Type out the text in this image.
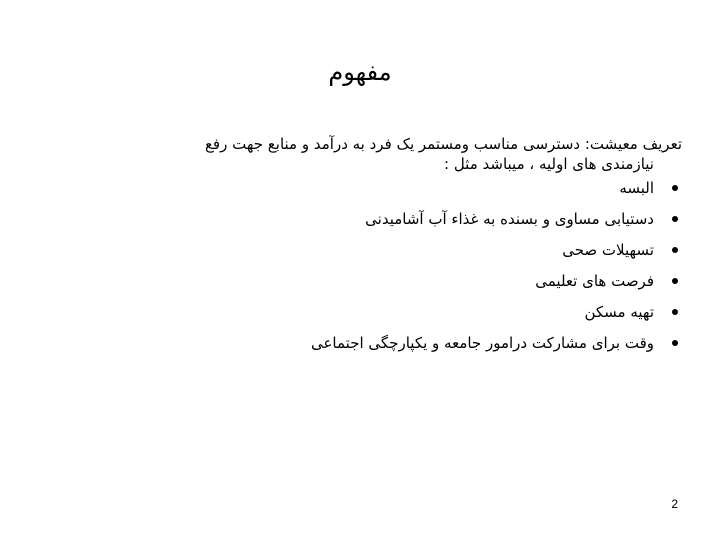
مفهوم

تعریف معیشت: دسترسی مناسب ومستمر یک فرد به درآمد و منابع جهت رفع
نیازمندی های اولیه ، میباشد مثل :

البسه
دستیابی مساوی و بسنده به غذاء آب آشامیدنی
تسهیلات صحی
فرصت های تعلیمی
تهیه مسکن
وقت برای مشارکت درامور جامعه و یکپارچگی اجتماعی
2
